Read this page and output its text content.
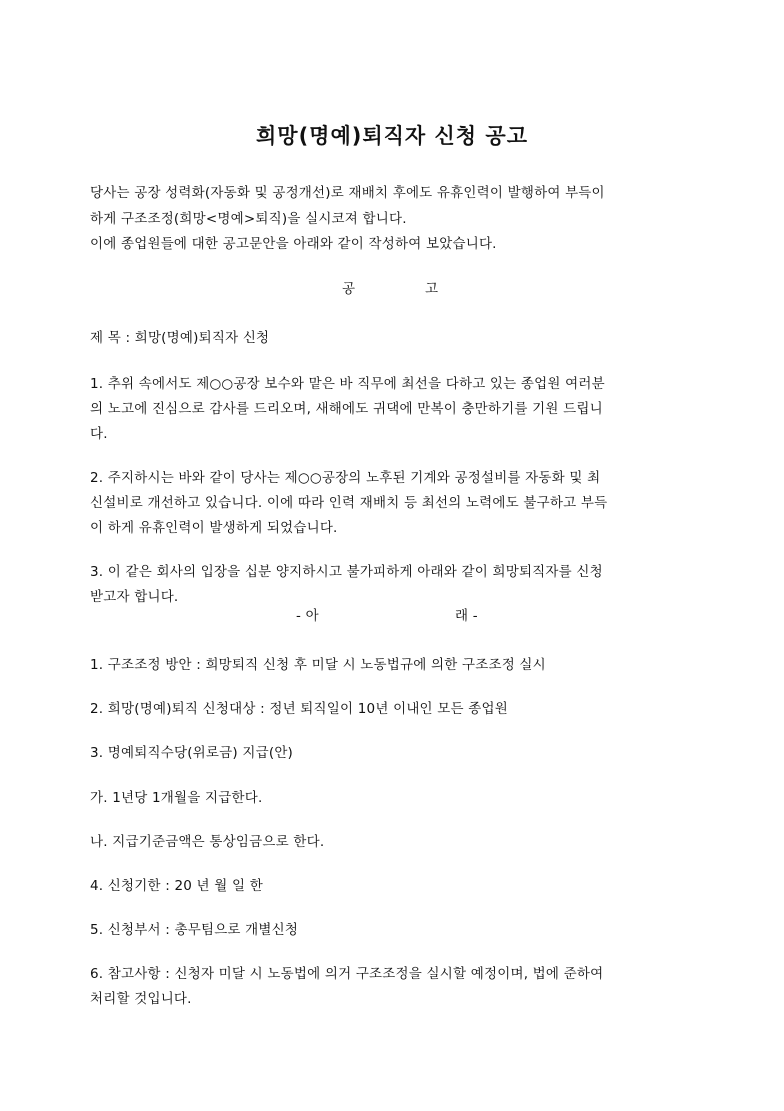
희망(명예)퇴직자 신청 공고
당사는 공장 성력화(자동화 및 공정개선)로 재배치 후에도 유휴인력이 발행하여 부득이
하게 구조조정(희망<명예>퇴직)을 실시코져 합니다.
이에 종업원들에 대한 공고문안을 아래와 같이 작성하여 보았습니다.
공	고
제 목 : 희망(명예)퇴직자 신청
1. 추위 속에서도 제○○공장 보수와 맡은 바 직무에 최선을 다하고 있는 종업원 여러분
의 노고에 진심으로 감사를 드리오며, 새해에도 귀댁에 만복이 충만하기를 기원 드립니
다.
2. 주지하시는 바와 같이 당사는 제○○공장의 노후된 기계와 공정설비를 자동화 및 최
신설비로 개선하고 있습니다. 이에 따라 인력 재배치 등 최선의 노력에도 불구하고 부득
이 하게 유휴인력이 발생하게 되었습니다.
3. 이 같은 회사의 입장을 십분 양지하시고 불가피하게 아래와 같이 희망퇴직자를 신청
받고자 합니다.
- 아	래 -
1. 구조조정 방안 : 희망퇴직 신청 후 미달 시 노동법규에 의한 구조조정 실시
2. 희망(명예)퇴직 신청대상 : 정년 퇴직일이 10년 이내인 모든 종업원
3. 명예퇴직수당(위로금) 지급(안)
가. 1년당 1개월을 지급한다.
나. 지급기준금액은 통상임금으로 한다.
4. 신청기한 : 20 년 월 일 한
5. 신청부서 : 총무팀으로 개별신청
6. 참고사항 : 신청자 미달 시 노동법에 의거 구조조정을 실시할 예정이며, 법에 준하여
처리할 것입니다.
